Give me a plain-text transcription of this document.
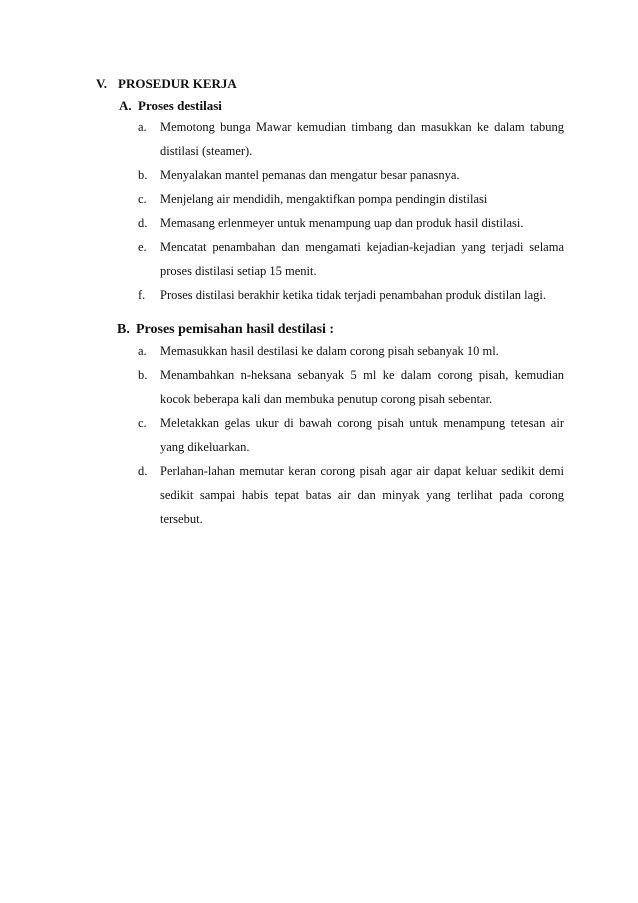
V. PROSEDUR KERJA
A. Proses destilasi
a.	Memotong bunga Mawar kemudian timbang dan masukkan ke dalam tabung distilasi (steamer).
b.	Menyalakan mantel pemanas dan mengatur besar panasnya.
c.	Menjelang air mendidih, mengaktifkan pompa pendingin distilasi
d.	Memasang erlenmeyer untuk menampung uap dan produk hasil distilasi.
e.	Mencatat penambahan dan mengamati kejadian-kejadian yang terjadi selama proses distilasi setiap 15 menit.
f.	Proses distilasi berakhir ketika tidak terjadi penambahan produk distilan lagi.
B. Proses pemisahan hasil destilasi :
a.	Memasukkan hasil destilasi ke dalam corong pisah sebanyak 10 ml.
b.	Menambahkan n-heksana sebanyak 5 ml ke dalam corong pisah, kemudian kocok beberapa kali dan membuka penutup corong pisah sebentar.
c.	Meletakkan gelas ukur di bawah corong pisah untuk menampung tetesan air yang dikeluarkan.
d.	Perlahan-lahan memutar keran corong pisah agar air dapat keluar sedikit demi sedikit sampai habis tepat batas air dan minyak yang terlihat pada corong tersebut.
